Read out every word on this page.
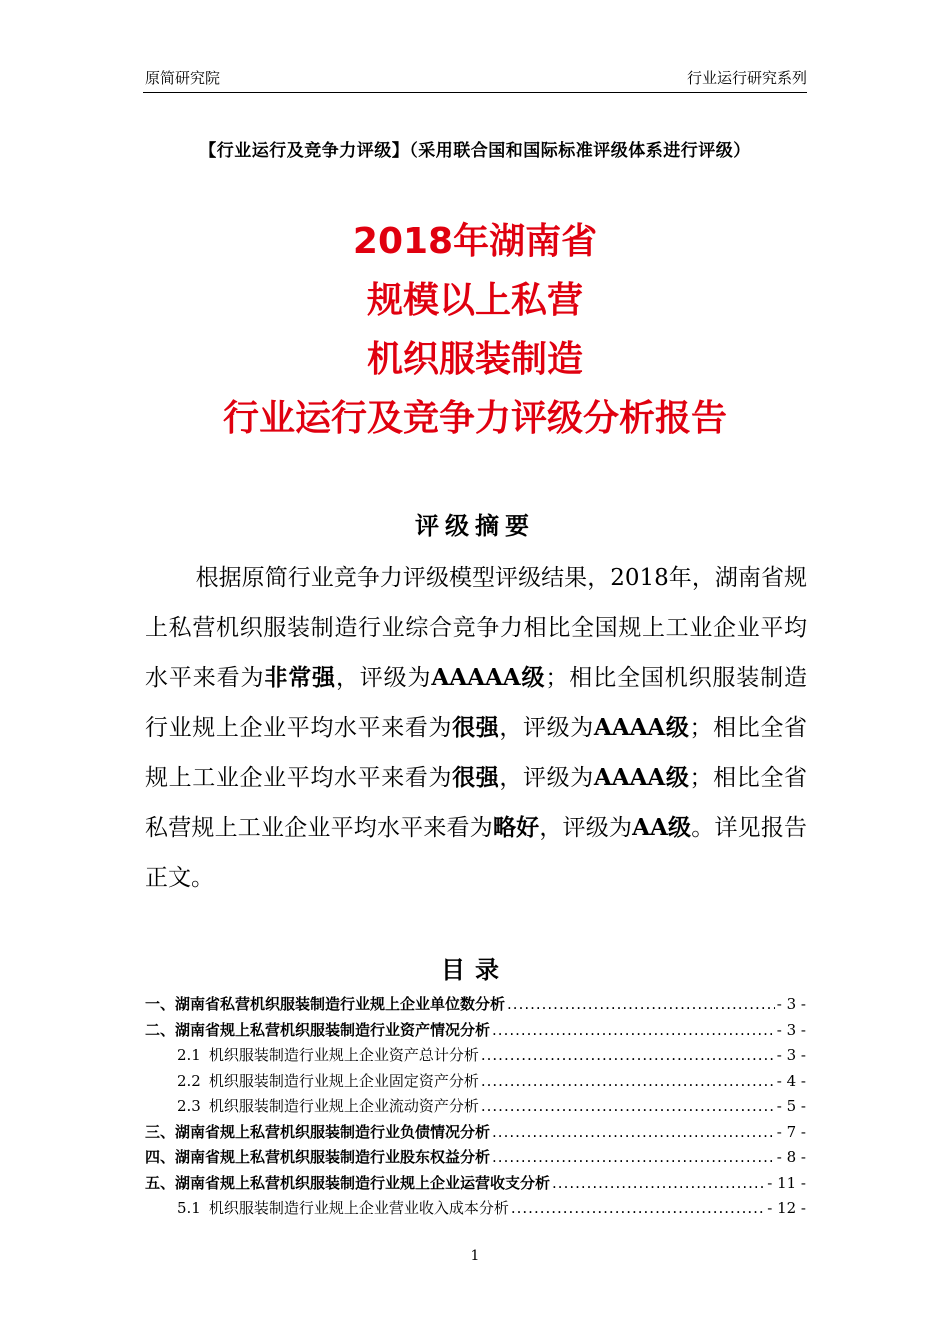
原简研究院	行业运行研究系列
【行业运行及竞争力评级】（采用联合国和国际标准评级体系进行评级）
2018年湖南省
规模以上私营
机织服装制造
行业运行及竞争力评级分析报告
评级摘要
根据原简行业竞争力评级模型评级结果，2018年，湖南省规上私营机织服装制造行业综合竞争力相比全国规上工业企业平均水平来看为非常强，评级为AAAAA级；相比全国机织服装制造行业规上企业平均水平来看为很强，评级为AAAA级；相比全省规上工业企业平均水平来看为很强，评级为AAAA级；相比全省私营规上工业企业平均水平来看为略好，评级为AA级。详见报告正文。
目录
一、 湖南省私营机织服装制造行业规上企业单位数分析 .....	- 3 -
二、 湖南省规上私营机织服装制造行业资产情况分析 .....	- 3 -
2.1 机织服装制造行业规上企业资产总计分析 .....	- 3 -
2.2 机织服装制造行业规上企业固定资产分析 .....	- 4 -
2.3 机织服装制造行业规上企业流动资产分析 .....	- 5 -
三、 湖南省规上私营机织服装制造行业负债情况分析 .....	- 7 -
四、 湖南省规上私营机织服装制造行业股东权益分析 .....	- 8 -
五、 湖南省规上私营机织服装制造行业规上企业运营收支分析 .....	- 11 -
5.1 机织服装制造行业规上企业营业收入成本分析 .....	- 12 -
1
